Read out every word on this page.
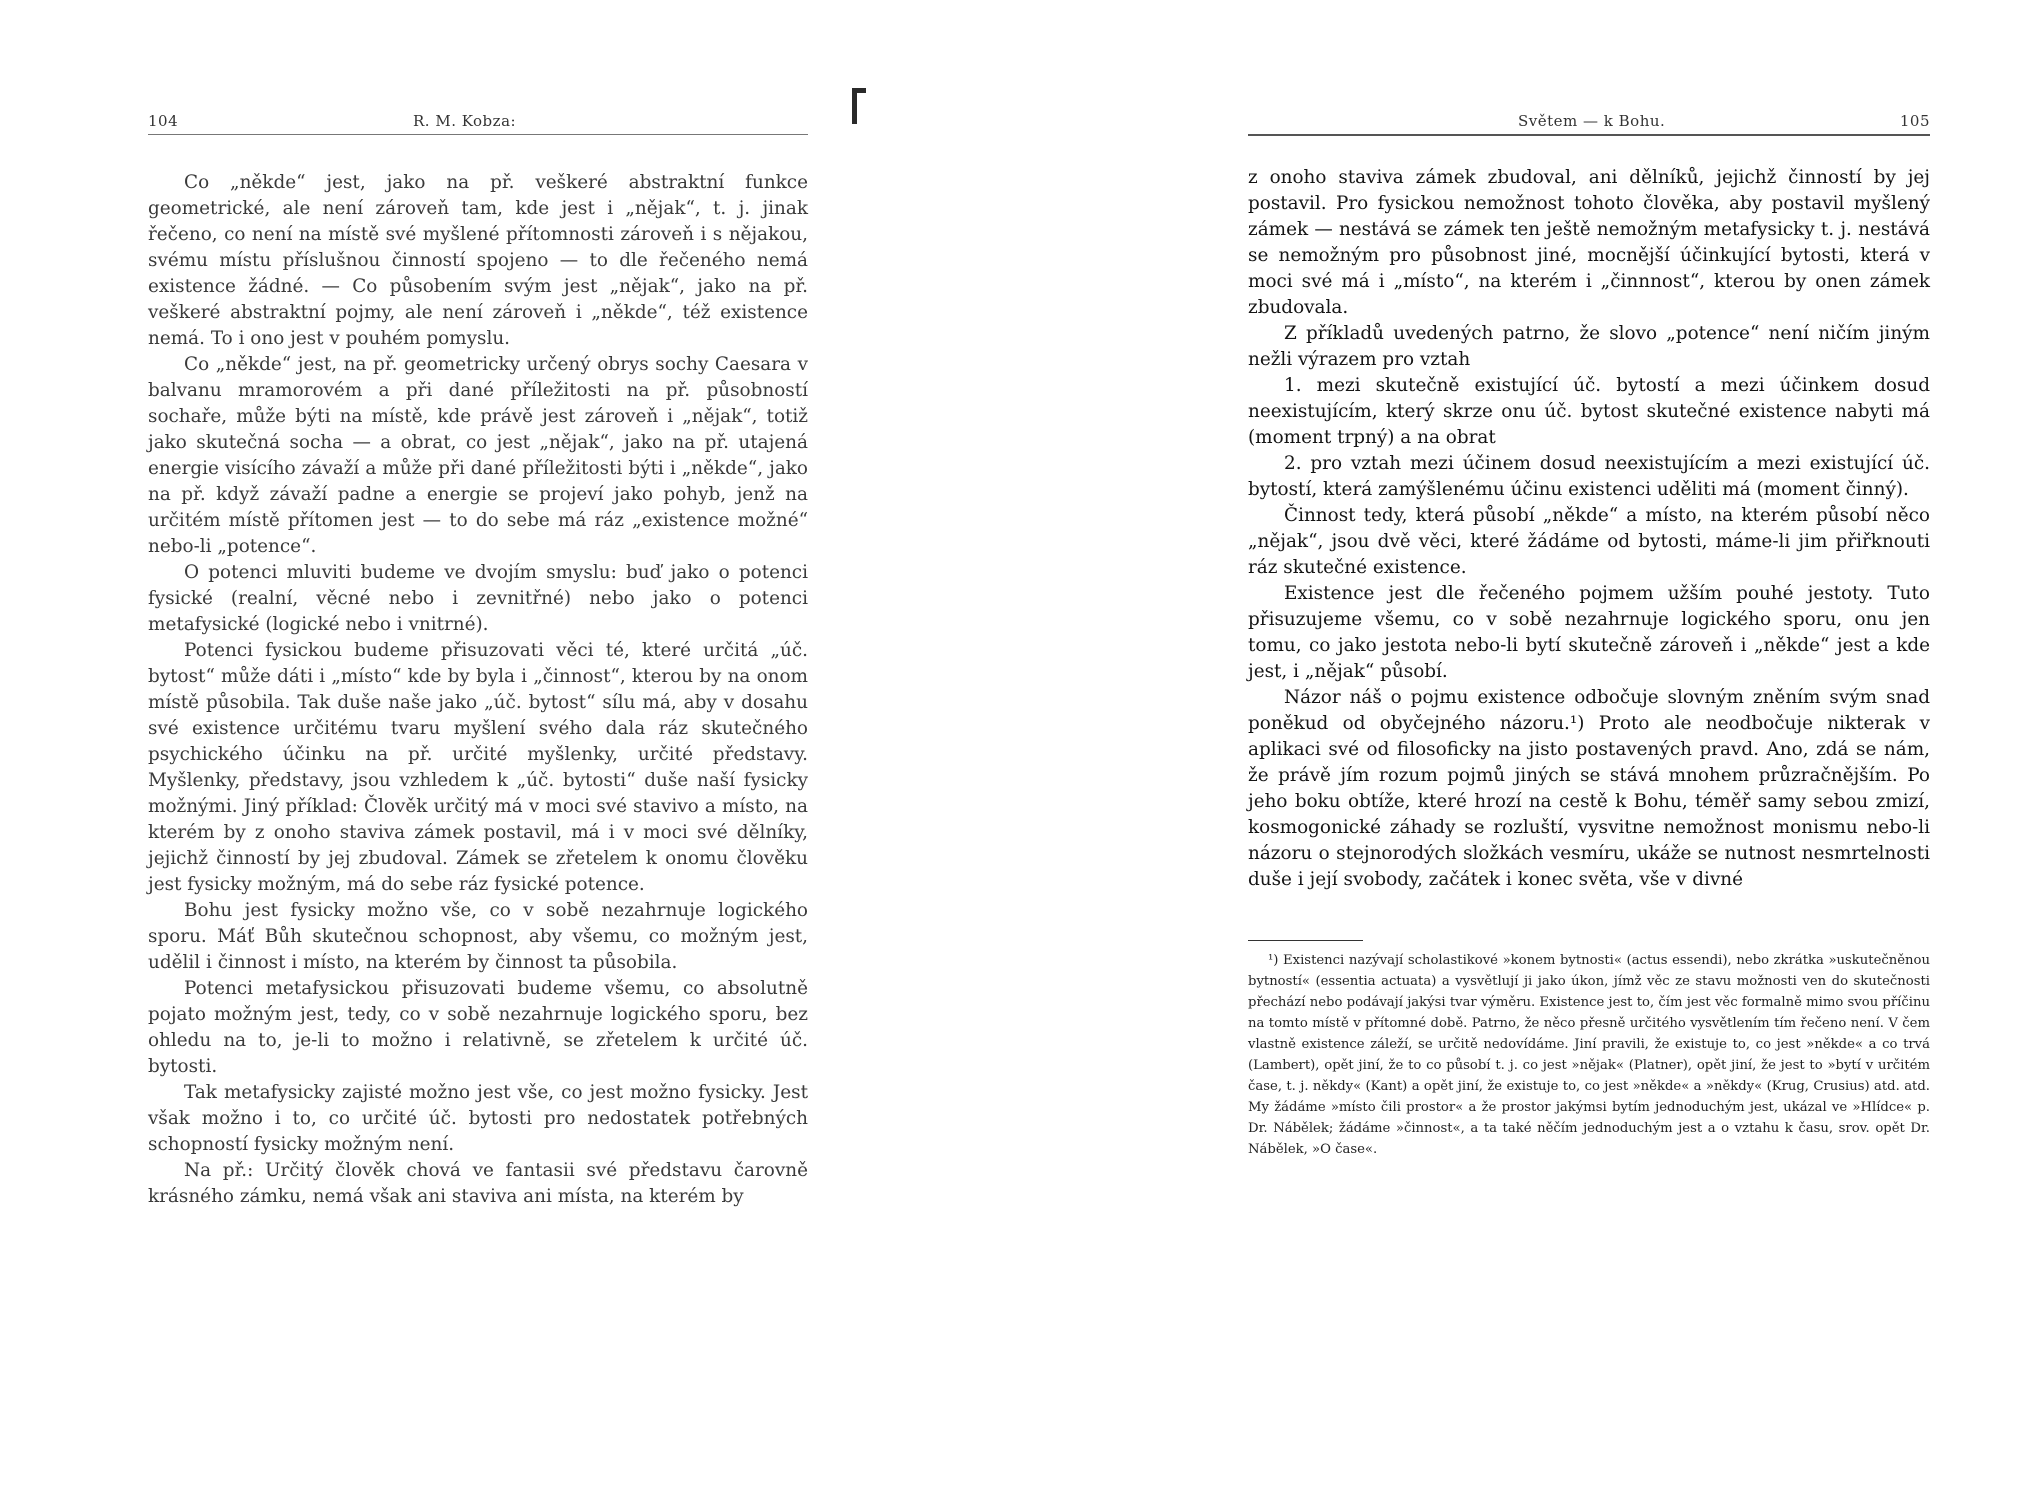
104	R. M. Kobza:

Co „někde“ jest, jako na př. veškeré abstraktní funkce geometrické, ale není zároveň tam, kde jest i „nějak“, t. j. jinak řečeno, co není na místě své myšlené přítomnosti zároveň i s nějakou, svému místu příslušnou činností spojeno — to dle řečeného nemá existence žádné. — Co působením svým jest „nějak“, jako na př. veškeré abstraktní pojmy, ale není zároveň i „někde“, též existence nemá. To i ono jest v pouhém pomyslu.

Co „někde“ jest, na př. geometricky určený obrys sochy Caesara v balvanu mramorovém a při dané příležitosti na př. působností sochaře, může býti na místě, kde právě jest zároveň i „nějak“, totiž jako skutečná socha — a obrat, co jest „nějak“, jako na př. utajená energie visícího závaží a může při dané příležitosti býti i „někde“, jako na př. když závaží padne a energie se projeví jako pohyb, jenž na určitém místě přítomen jest — to do sebe má ráz „existence možné“ nebo-li „potence“.

O potenci mluviti budeme ve dvojím smyslu: buď jako o potenci fysické (realní, věcné nebo i zevnitřné) nebo jako o potenci metafysické (logické nebo i vnitrné).

Potenci fysickou budeme přisuzovati věci té, které určitá „úč. bytost“ může dáti i „místo“ kde by byla i „činnost“, kterou by na onom místě působila. Tak duše naše jako „úč. bytost“ sílu má, aby v dosahu své existence určitému tvaru myšlení svého dala ráz skutečného psychického účinku na př. určité myšlenky, určité představy. Myšlenky, představy, jsou vzhledem k „úč. bytosti“ duše naší fysicky možnými. Jiný příklad: Člověk určitý má v moci své stavivo a místo, na kterém by z onoho staviva zámek postavil, má i v moci své dělníky, jejichž činností by jej zbudoval. Zámek se zřetelem k onomu člověku jest fysicky možným, má do sebe ráz fysické potence.

Bohu jest fysicky možno vše, co v sobě nezahrnuje logického sporu. Máť Bůh skutečnou schopnost, aby všemu, co možným jest, udělil i činnost i místo, na kterém by činnost ta působila.

Potenci metafysickou přisuzovati budeme všemu, co absolutně pojato možným jest, tedy, co v sobě nezahrnuje logického sporu, bez ohledu na to, je-li to možno i relativně, se zřetelem k určité úč. bytosti.

Tak metafysicky zajisté možno jest vše, co jest možno fysicky. Jest však možno i to, co určité úč. bytosti pro nedostatek potřebných schopností fysicky možným není.

Na př.: Určitý člověk chová ve fantasii své představu čarovně krásného zámku, nemá však ani staviva ani místa, na kterém by

Světem — k Bohu.	105

z onoho staviva zámek zbudoval, ani dělníků, jejichž činností by jej postavil. Pro fysickou nemožnost tohoto člověka, aby postavil myšlený zámek — nestává se zámek ten ještě nemožným metafysicky t. j. nestává se nemožným pro působnost jiné, mocnější účinkující bytosti, která v moci své má i „místo“, na kterém i „činnnost“, kterou by onen zámek zbudovala.

Z příkladů uvedených patrno, že slovo „potence“ není ničím jiným nežli výrazem pro vztah

1. mezi skutečně existující úč. bytostí a mezi účinkem dosud neexistujícím, který skrze onu úč. bytost skutečné existence nabyti má (moment trpný) a na obrat

2. pro vztah mezi účinem dosud neexistujícím a mezi existující úč. bytostí, která zamýšlenému účinu existenci uděliti má (moment činný).

Činnost tedy, která působí „někde“ a místo, na kterém působí něco „nějak“, jsou dvě věci, které žádáme od bytosti, máme-li jim přiřknouti ráz skutečné existence.

Existence jest dle řečeného pojmem užším pouhé jestoty. Tuto přisuzujeme všemu, co v sobě nezahrnuje logického sporu, onu jen tomu, co jako jestota nebo-li bytí skutečně zároveň i „někde“ jest a kde jest, i „nějak“ působí.

Názor náš o pojmu existence odbočuje slovným zněním svým snad poněkud od obyčejného názoru.¹) Proto ale neodbočuje nikterak v aplikaci své od filosoficky na jisto postavených pravd. Ano, zdá se nám, že právě jím rozum pojmů jiných se stává mnohem průzračnějším. Po jeho boku obtíže, které hrozí na cestě k Bohu, téměř samy sebou zmizí, kosmogonické záhady se rozluští, vysvitne nemožnost monismu nebo-li názoru o stejnorodých složkách vesmíru, ukáže se nutnost nesmrtelnosti duše i její svobody, začátek i konec světa, vše v divné

¹) Existenci nazývají scholastikové »konem bytnosti« (actus essendi), nebo zkrátka »uskutečněnou bytností« (essentia actuata) a vysvětlují ji jako úkon, jímž věc ze stavu možnosti ven do skutečnosti přechází nebo podávají jakýsi tvar výměru. Existence jest to, čím jest věc formalně mimo svou příčinu na tomto místě v přítomné době. Patrno, že něco přesně určitého vysvětlením tím řečeno není. V čem vlastně existence záleží, se určitě nedovídáme. Jiní pravili, že existuje to, co jest »někde« a co trvá (Lambert), opět jiní, že to co působí t. j. co jest »nějak« (Platner), opět jiní, že jest to »bytí v určitém čase, t. j. někdy« (Kant) a opět jiní, že existuje to, co jest »někde« a »někdy« (Krug, Crusius) atd. atd. My žádáme »místo čili prostor« a že prostor jakýmsi bytím jednoduchým jest, ukázal ve »Hlídce« p. Dr. Nábělek; žádáme »činnost«, a ta také něčím jednoduchým jest a o vztahu k času, srov. opět Dr. Nábělek, »O čase«.
